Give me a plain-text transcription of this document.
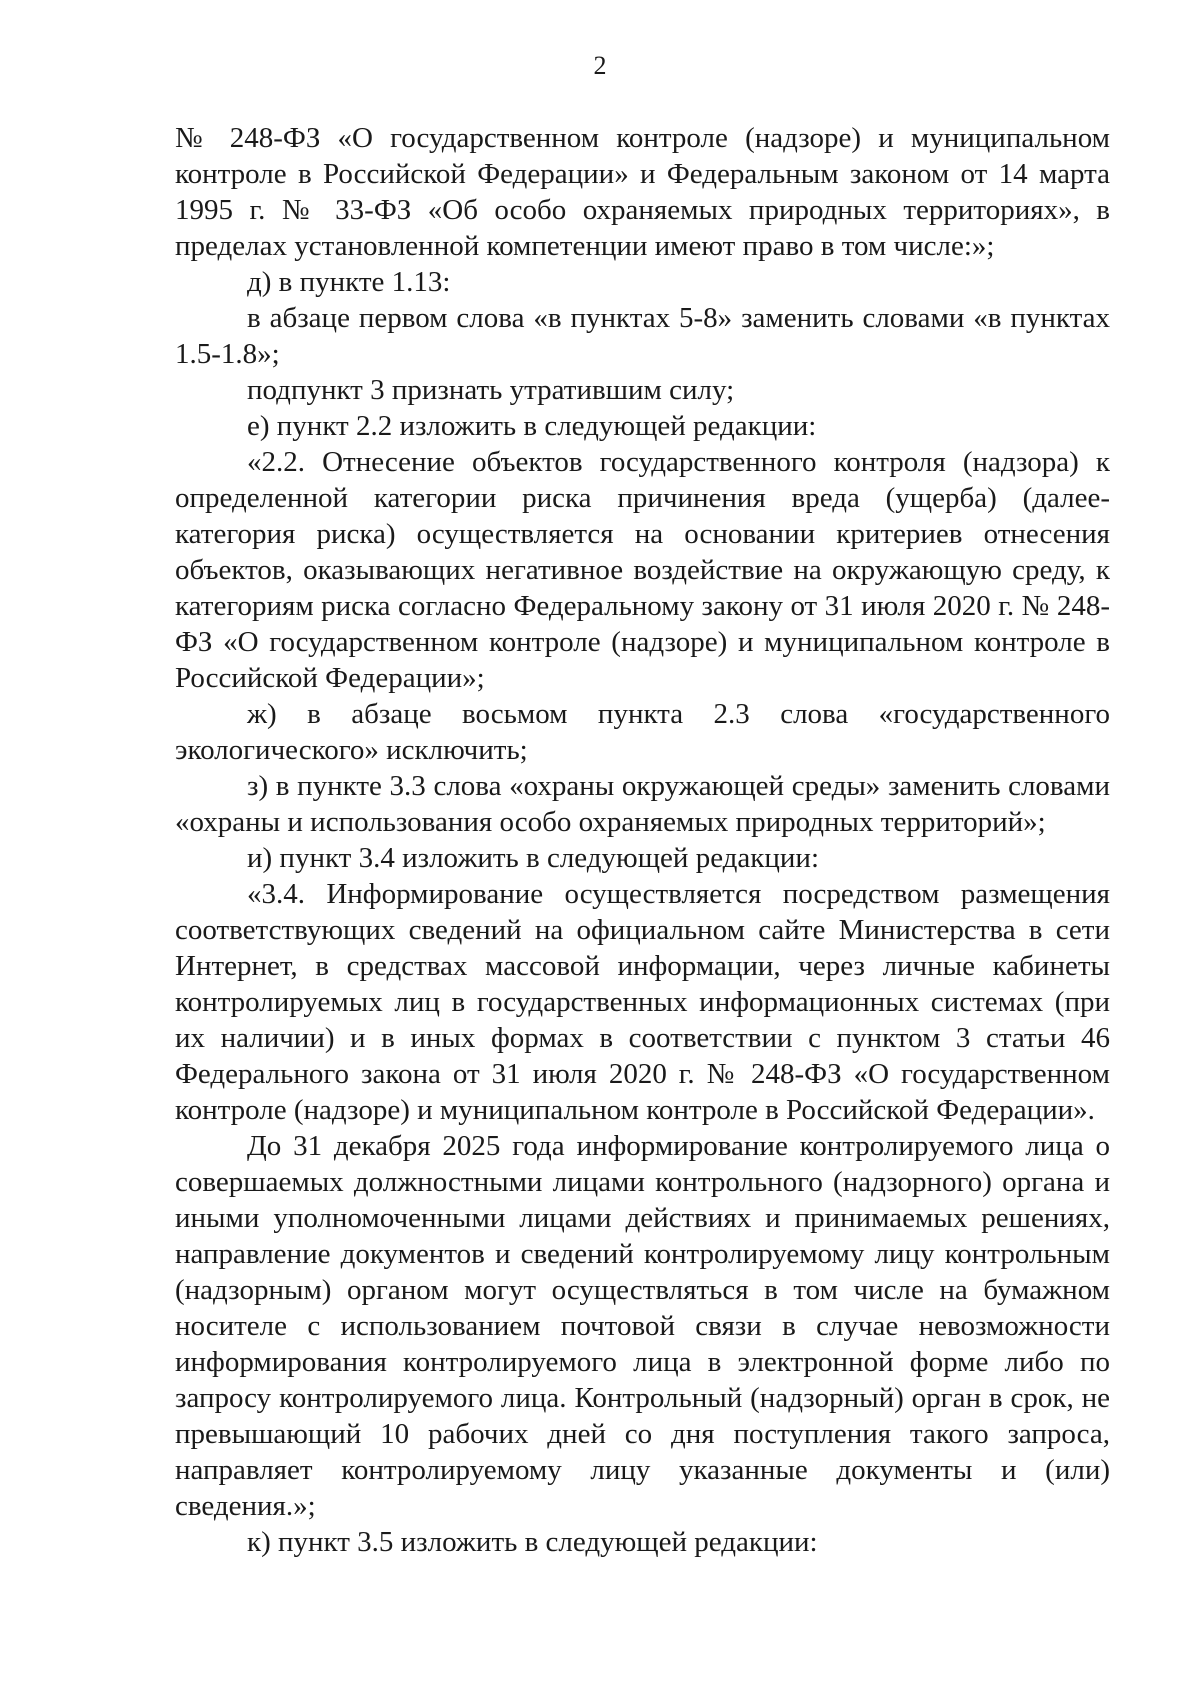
2

№ 248-ФЗ «О государственном контроле (надзоре) и муниципальном контроле в Российской Федерации» и Федеральным законом от 14 марта 1995 г. № 33-ФЗ «Об особо охраняемых природных территориях», в пределах установленной компетенции имеют право в том числе:»;

д) в пункте 1.13:

в абзаце первом слова «в пунктах 5-8» заменить словами «в пунктах 1.5-1.8»;

подпункт 3 признать утратившим силу;

е) пункт 2.2 изложить в следующей редакции:

«2.2. Отнесение объектов государственного контроля (надзора) к определенной категории риска причинения вреда (ущерба) (далее- категория риска) осуществляется на основании критериев отнесения объектов, оказывающих негативное воздействие на окружающую среду, к категориям риска согласно Федеральному закону от 31 июля 2020 г. № 248-ФЗ «О государственном контроле (надзоре) и муниципальном контроле в Российской Федерации»;

ж) в абзаце восьмом пункта 2.3 слова «государственного экологического» исключить;

з) в пункте 3.3 слова «охраны окружающей среды» заменить словами «охраны и использования особо охраняемых природных территорий»;

и) пункт 3.4 изложить в следующей редакции:

«3.4. Информирование осуществляется посредством размещения соответствующих сведений на официальном сайте Министерства в сети Интернет, в средствах массовой информации, через личные кабинеты контролируемых лиц в государственных информационных системах (при их наличии) и в иных формах в соответствии с пунктом 3 статьи 46 Федерального закона от 31 июля 2020 г. № 248-ФЗ «О государственном контроле (надзоре) и муниципальном контроле в Российской Федерации».

До 31 декабря 2025 года информирование контролируемого лица о совершаемых должностными лицами контрольного (надзорного) органа и иными уполномоченными лицами действиях и принимаемых решениях, направление документов и сведений контролируемому лицу контрольным (надзорным) органом могут осуществляться в том числе на бумажном носителе с использованием почтовой связи в случае невозможности информирования контролируемого лица в электронной форме либо по запросу контролируемого лица. Контрольный (надзорный) орган в срок, не превышающий 10 рабочих дней со дня поступления такого запроса, направляет контролируемому лицу указанные документы и (или) сведения.»;

к) пункт 3.5 изложить в следующей редакции:
